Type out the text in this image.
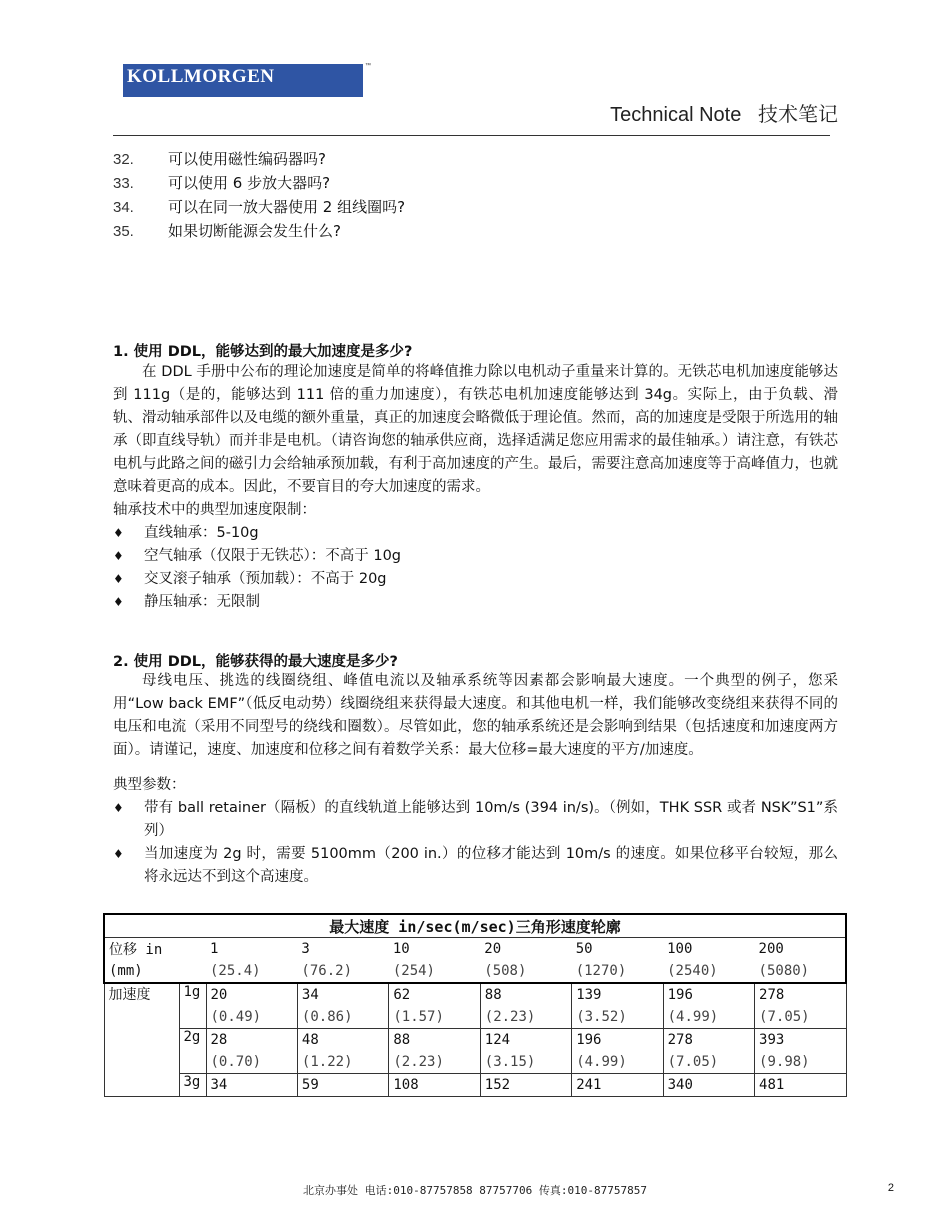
KOLLMORGEN	™
Technical Note   技术笔记
32. 可以使用磁性编码器吗?
33. 可以使用 6 步放大器吗?
34. 可以在同一放大器使用 2 组线圈吗?
35. 如果切断能源会发生什么?
1. 使用 DDL，能够达到的最大加速度是多少?

在 DDL 手册中公布的理论加速度是简单的将峰值推力除以电机动子重量来计算的。无铁芯电机加速度能够达到 111g（是的，能够达到 111 倍的重力加速度），有铁芯电机加速度能够达到 34g。实际上，由于负载、滑轨、滑动轴承部件以及电缆的额外重量，真正的加速度会略微低于理论值。然而，高的加速度是受限于所选用的轴承（即直线导轨）而并非是电机。（请咨询您的轴承供应商，选择适满足您应用需求的最佳轴承。）请注意，有铁芯电机与此路之间的磁引力会给轴承预加载，有利于高加速度的产生。最后，需要注意高加速度等于高峰值力，也就意味着更高的成本。因此，不要盲目的夸大加速度的需求。

轴承技术中的典型加速度限制：

♦ 直线轴承：5-10g
♦ 空气轴承（仅限于无铁芯）：不高于 10g
♦ 交叉滚子轴承（预加载）：不高于 20g
♦ 静压轴承：无限制
2. 使用 DDL，能够获得的最大速度是多少?

母线电压、挑选的线圈绕组、峰值电流以及轴承系统等因素都会影响最大速度。一个典型的例子，您采用“Low back EMF”（低反电动势）线圈绕组来获得最大速度。和其他电机一样，我们能够改变绕组来获得不同的电压和电流（采用不同型号的绕线和圈数）。尽管如此，您的轴承系统还是会影响到结果（包括速度和加速度两方面）。请谨记，速度、加速度和位移之间有着数学关系：最大位移=最大速度的平方/加速度。

典型参数：

♦ 带有 ball retainer（隔板）的直线轨道上能够达到 10m/s (394 in/s)。（例如，THK SSR 或者 NSK”S1”系列）
♦ 当加速度为 2g 时，需要 5100mm（200 in.）的位移才能达到 10m/s 的速度。如果位移平台较短，那么将永远达不到这个高速度。
最大速度 in/sec(m/sec)三角形速度轮廓								
位移 in		1	3	10	20	50	100	200
(mm)		(25.4)	(76.2)	(254)	(508)	(1270)	(2540)	(5080)
加速度	1g	20	34	62	88	139	196	278
		(0.49)	(0.86)	(1.57)	(2.23)	(3.52)	(4.99)	(7.05)
	2g	28	48	88	124	196	278	393
		(0.70)	(1.22)	(2.23)	(3.15)	(4.99)	(7.05)	(9.98)
	3g	34	59	108	152	241	340	481
北京办事处 电话:010-87757858 87757706 传真:010-87757857	2
